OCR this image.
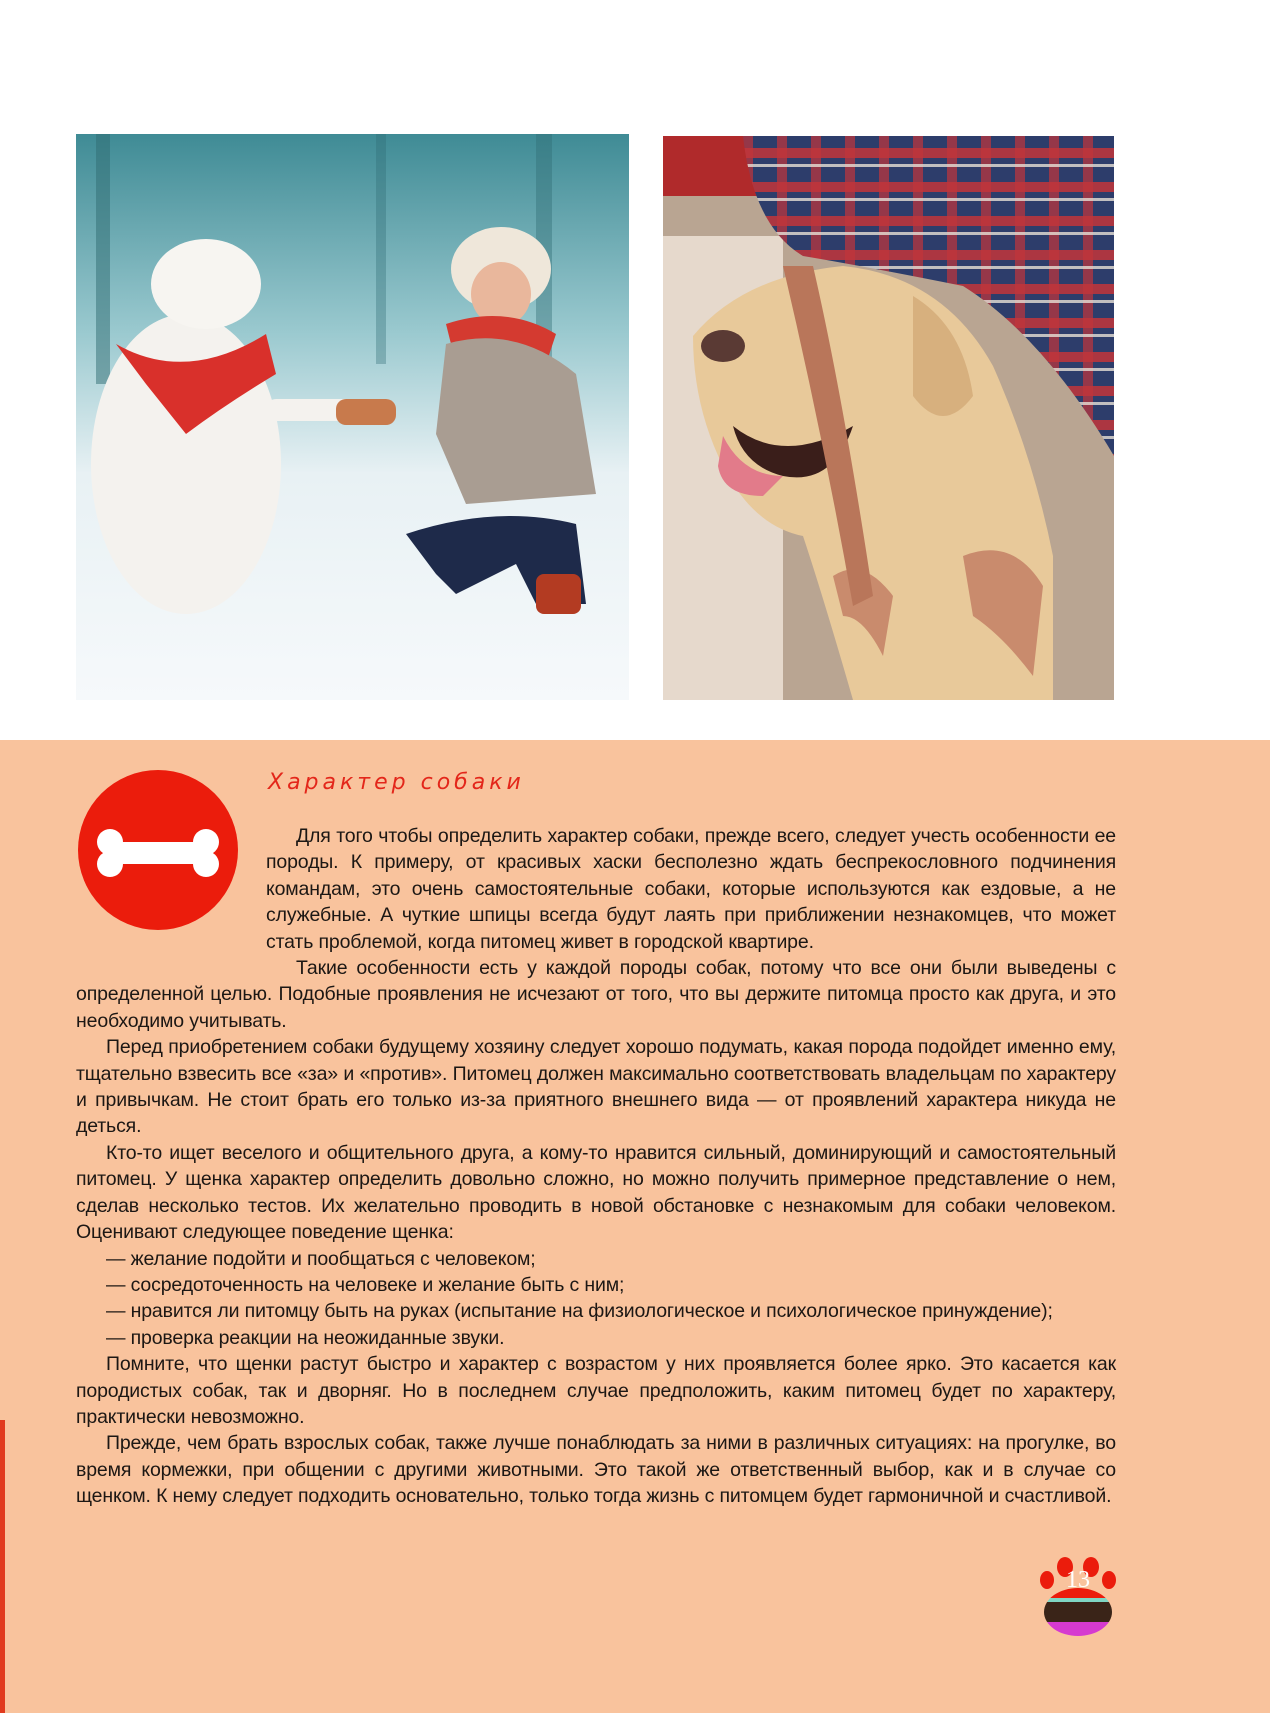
Характер собаки

Для того чтобы определить характер собаки, прежде всего, следует учесть особенности ее породы. К примеру, от красивых хаски бесполезно ждать беспрекословного подчинения командам, это очень самостоятельные собаки, которые используются как ездовые, а не служебные. А чуткие шпицы всегда будут лаять при приближении незнакомцев, что может стать проблемой, когда питомец живет в городской квартире.

Такие особенности есть у каждой породы собак, потому что все они были выведены с определенной целью. Подобные проявления не исчезают от того, что вы держите питомца просто как друга, и это необходимо учитывать.

Перед приобретением собаки будущему хозяину следует хорошо подумать, какая порода подойдет именно ему, тщательно взвесить все «за» и «против». Питомец должен максимально соответствовать владельцам по характеру и привычкам. Не стоит брать его только из-за приятного внешнего вида — от проявлений характера никуда не деться.

Кто-то ищет веселого и общительного друга, а кому-то нравится сильный, доминирующий и самостоятельный питомец. У щенка характер определить довольно сложно, но можно получить примерное представление о нем, сделав несколько тестов. Их желательно проводить в новой обстановке с незнакомым для собаки человеком. Оценивают следующее поведение щенка:

— желание подойти и пообщаться с человеком;

— сосредоточенность на человеке и желание быть с ним;

— нравится ли питомцу быть на руках (испытание на физиологическое и психологическое принуждение);

— проверка реакции на неожиданные звуки.

Помните, что щенки растут быстро и характер с возрастом у них проявляется более ярко. Это касается как породистых собак, так и дворняг. Но в последнем случае предположить, каким питомец будет по характеру, практически невозможно.

Прежде, чем брать взрослых собак, также лучше понаблюдать за ними в различных ситуациях: на прогулке, во время кормежки, при общении с другими животными. Это такой же ответственный выбор, как и в случае со щенком. К нему следует подходить основательно, только тогда жизнь с питомцем будет гармоничной и счастливой.

13
